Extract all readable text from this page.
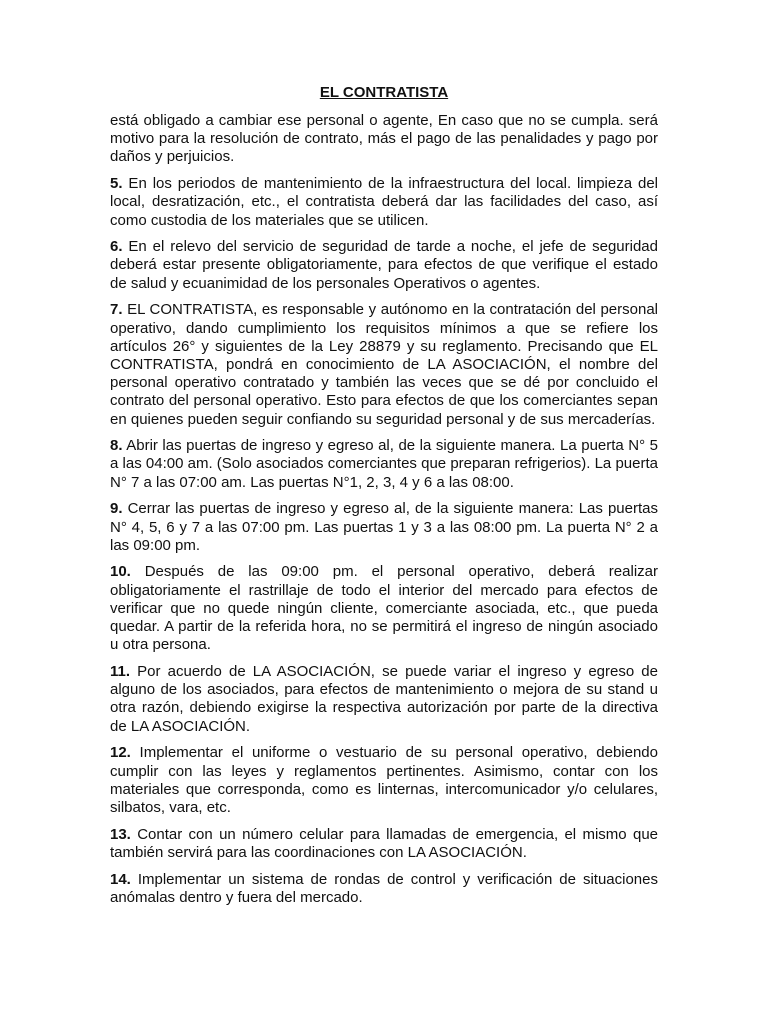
EL CONTRATISTA

está obligado a cambiar ese personal o agente, En caso que no se cumpla. será motivo para la resolución de contrato, más el pago de las penalidades y pago por daños y perjuicios.

5. En los periodos de mantenimiento de la infraestructura del local. limpieza del local, desratización, etc., el contratista deberá dar las facilidades del caso, así como custodia de los materiales que se utilicen.

6. En el relevo del servicio de seguridad de tarde a noche, el jefe de seguridad deberá estar presente obligatoriamente, para efectos de que verifique el estado de salud y ecuanimidad de los personales Operativos o agentes.

7. EL CONTRATISTA, es responsable y autónomo en la contratación del personal operativo, dando cumplimiento los requisitos mínimos a que se refiere los artículos 26° y siguientes de la Ley 28879 y su reglamento. Precisando que EL CONTRATISTA, pondrá en conocimiento de LA ASOCIACIÓN, el nombre del personal operativo contratado y también las veces que se dé por concluido el contrato del personal operativo. Esto para efectos de que los comerciantes sepan en quienes pueden seguir confiando su seguridad personal y de sus mercaderías.

8. Abrir las puertas de ingreso y egreso al, de la siguiente manera. La puerta N° 5 a las 04:00 am. (Solo asociados comerciantes que preparan refrigerios). La puerta N° 7 a las 07:00 am. Las puertas N°1, 2, 3, 4 y 6 a las 08:00.

9. Cerrar las puertas de ingreso y egreso al, de la siguiente manera: Las puertas N° 4, 5, 6 y 7 a las 07:00 pm. Las puertas 1 y 3 a las 08:00 pm. La puerta N° 2 a las 09:00 pm.

10. Después de las 09:00 pm. el personal operativo, deberá realizar obligatoriamente el rastrillaje de todo el interior del mercado para efectos de verificar que no quede ningún cliente, comerciante asociada, etc., que pueda quedar. A partir de la referida hora, no se permitirá el ingreso de ningún asociado u otra persona.

11. Por acuerdo de LA ASOCIACIÓN, se puede variar el ingreso y egreso de alguno de los asociados, para efectos de mantenimiento o mejora de su stand u otra razón, debiendo exigirse la respectiva autorización por parte de la directiva de LA ASOCIACIÓN.

12. Implementar el uniforme o vestuario de su personal operativo, debiendo cumplir con las leyes y reglamentos pertinentes. Asimismo, contar con los materiales que corresponda, como es linternas, intercomunicador y/o celulares, silbatos, vara, etc.

13. Contar con un número celular para llamadas de emergencia, el mismo que también servirá para las coordinaciones con LA ASOCIACIÓN.

14. Implementar un sistema de rondas de control y verificación de situaciones anómalas dentro y fuera del mercado.
